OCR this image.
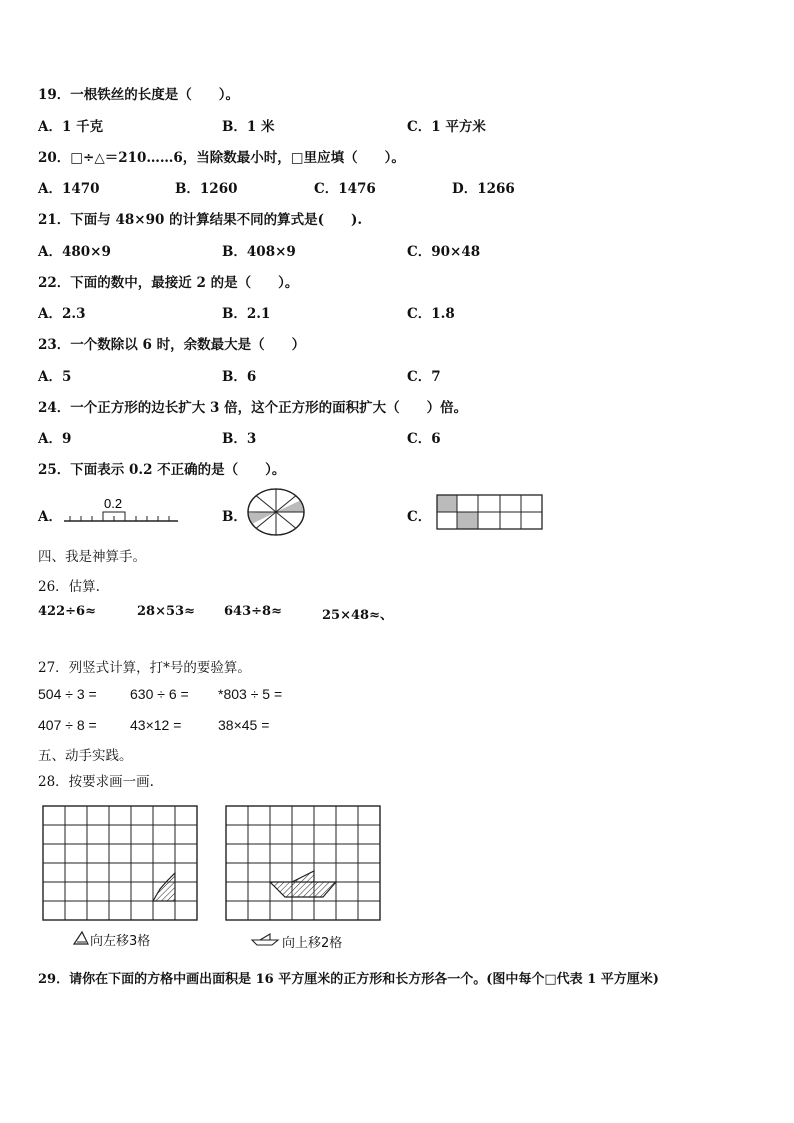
19．一根铁丝的长度是（　　）。
A．1 千克	B．1 米	C．1 平方米
20．□÷△＝210……6，当除数最小时，□里应填（　　）。
A．1470	B．1260	C．1476	D．1266
21．下面与 48×90 的计算结果不同的算式是(　　).
A．480×9	B．408×9	C．90×48
22．下面的数中，最接近 2 的是（　　）。
A．2.3	B．2.1	C．1.8
23．一个数除以 6 时，余数最大是（　　）
A．5	B．6	C．7
24．一个正方形的边长扩大 3 倍，这个正方形的面积扩大（　　）倍。
A．9	B．3	C．6
25．下面表示 0.2 不正确的是（　　）。
A．
0.2
B．	C．
四、我是神算手。
26．估算.
422÷6≈	28×53≈ 643÷8≈	25×48≈、
27．列竖式计算，打*号的要验算。
504 ÷ 3 = 630 ÷ 6 = *803 ÷ 5 =
407 ÷ 8 = 43×12 =	38×45 =
五、动手实践。
28．按要求画一画.
向左移3格	向上移2格
29．请你在下面的方格中画出面积是 16 平方厘米的正方形和长方形各一个。(图中每个□代表 1 平方厘米)
